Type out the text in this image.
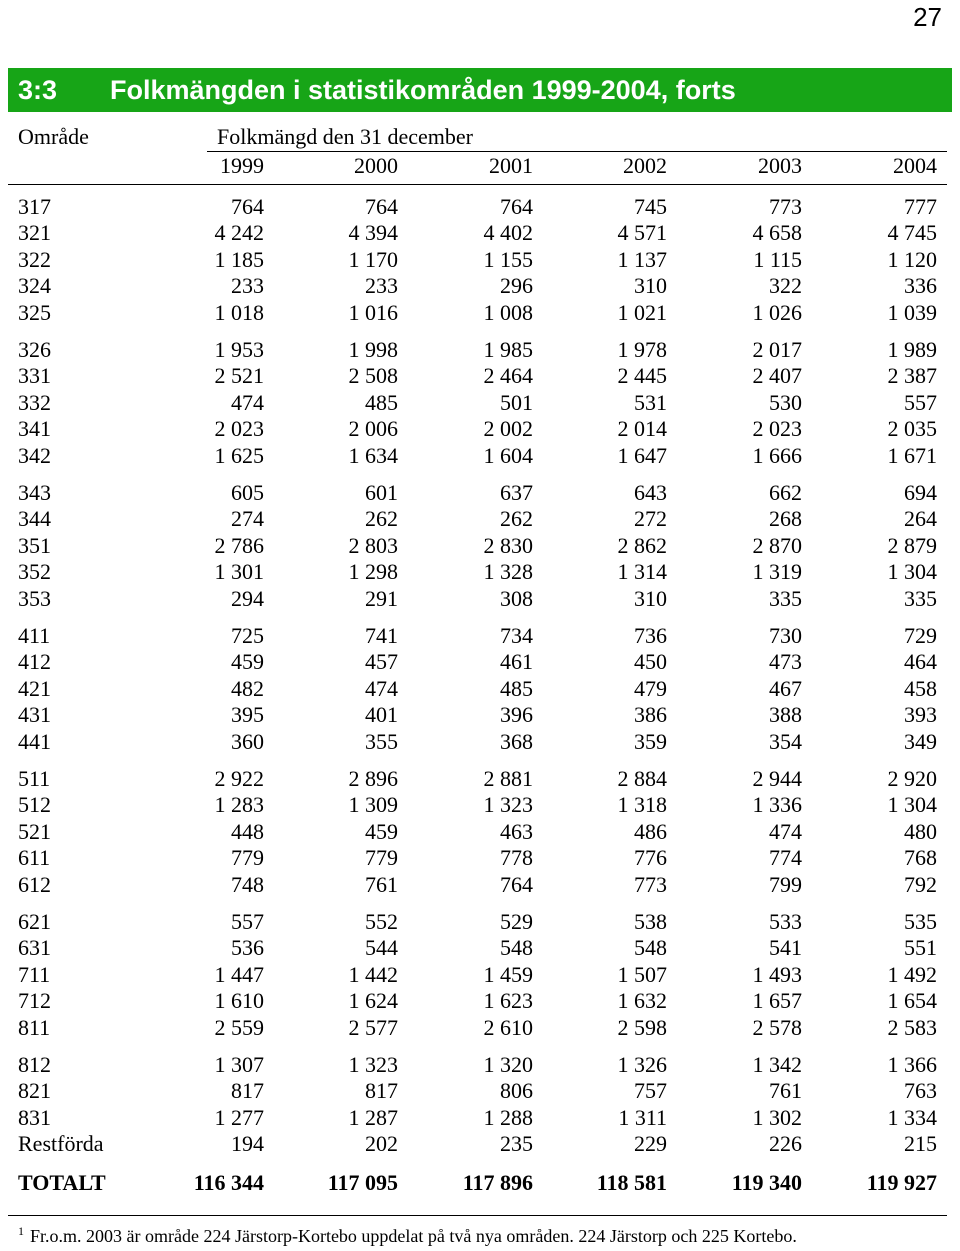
27
3:3 Folkmängden i statistikområden 1999-2004, forts
Område	Folkmängd den 31 december
1999	2000	2001	2002	2003	2004
317	764	764	764	745	773	777
321	4 242	4 394	4 402	4 571	4 658	4 745
322	1 185	1 170	1 155	1 137	1 115	1 120
324	233	233	296	310	322	336
325	1 018	1 016	1 008	1 021	1 026	1 039
326	1 953	1 998	1 985	1 978	2 017	1 989
331	2 521	2 508	2 464	2 445	2 407	2 387
332	474	485	501	531	530	557
341	2 023	2 006	2 002	2 014	2 023	2 035
342	1 625	1 634	1 604	1 647	1 666	1 671
343	605	601	637	643	662	694
344	274	262	262	272	268	264
351	2 786	2 803	2 830	2 862	2 870	2 879
352	1 301	1 298	1 328	1 314	1 319	1 304
353	294	291	308	310	335	335
411	725	741	734	736	730	729
412	459	457	461	450	473	464
421	482	474	485	479	467	458
431	395	401	396	386	388	393
441	360	355	368	359	354	349
511	2 922	2 896	2 881	2 884	2 944	2 920
512	1 283	1 309	1 323	1 318	1 336	1 304
521	448	459	463	486	474	480
611	779	779	778	776	774	768
612	748	761	764	773	799	792
621	557	552	529	538	533	535
631	536	544	548	548	541	551
711	1 447	1 442	1 459	1 507	1 493	1 492
712	1 610	1 624	1 623	1 632	1 657	1 654
811	2 559	2 577	2 610	2 598	2 578	2 583
812	1 307	1 323	1 320	1 326	1 342	1 366
821	817	817	806	757	761	763
831	1 277	1 287	1 288	1 311	1 302	1 334
Restförda	194	202	235	229	226	215
TOTALT	116 344	117 095	117 896	118 581	119 340	119 927
$^1$ Fr.o.m. 2003 är område 224 Järstorp-Kortebo uppdelat på två nya områden. 224 Järstorp och 225 Kortebo.
